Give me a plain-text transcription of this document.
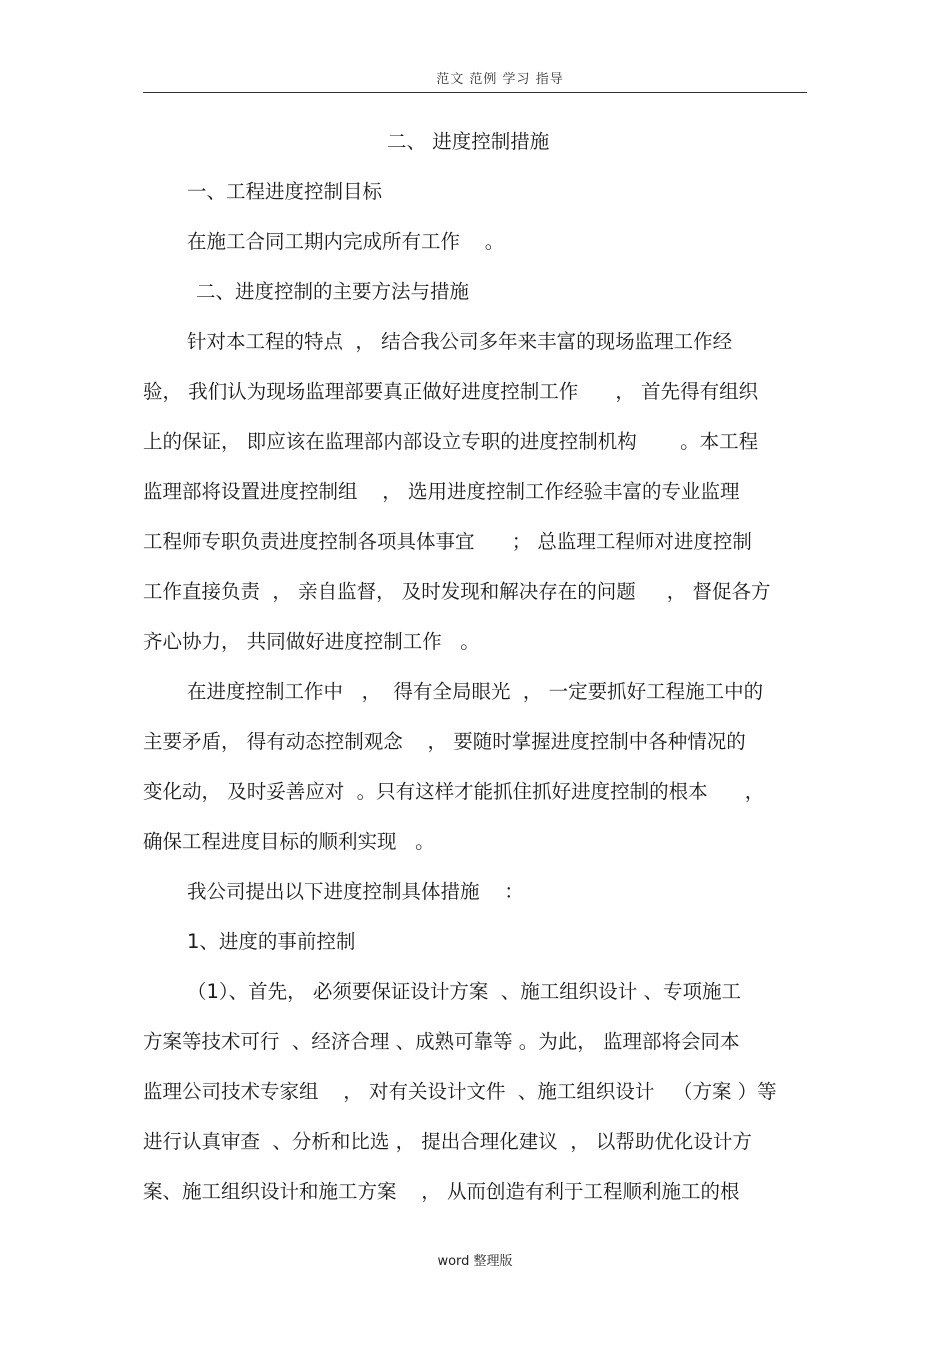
范文 范例 学习 指导
二、 进度控制措施
一、工程进度控制目标
在施工合同工期内完成所有工作    。
二、进度控制的主要方法与措施
针对本工程的特点  ， 结合我公司多年来丰富的现场监理工作经
验， 我们认为现场监理部要真正做好进度控制工作      ， 首先得有组织
上的保证， 即应该在监理部内部设立专职的进度控制机构       。本工程
监理部将设置进度控制组    ， 选用进度控制工作经验丰富的专业监理
工程师专职负责进度控制各项具体事宜      ； 总监理工程师对进度控制
工作直接负责  ， 亲自监督， 及时发现和解决存在的问题     ， 督促各方
齐心协力， 共同做好进度控制工作   。
在进度控制工作中   ，  得有全局眼光  ， 一定要抓好工程施工中的
主要矛盾， 得有动态控制观念    ， 要随时掌握进度控制中各种情况的
变化动， 及时妥善应对  。只有这样才能抓住抓好进度控制的根本      ，
确保工程进度目标的顺利实现   。
我公司提出以下进度控制具体措施    ：
1、进度的事前控制
（1）、首先， 必须要保证设计方案  、施工组织设计 、专项施工
方案等技术可行  、经济合理 、成熟可靠等 。为此， 监理部将会同本
监理公司技术专家组    ， 对有关设计文件  、施工组织设计   （方案 ）等
进行认真审查  、分析和比选 ， 提出合理化建议  ， 以帮助优化设计方
案、施工组织设计和施工方案    ， 从而创造有利于工程顺利施工的根
word 整理版
